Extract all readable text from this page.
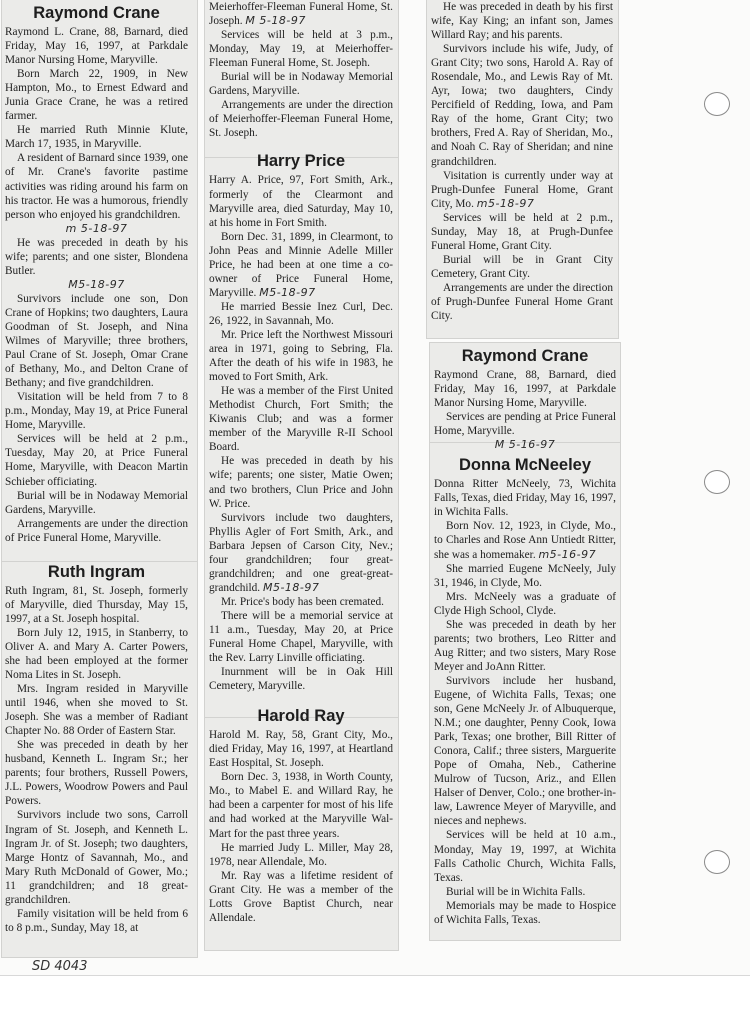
Raymond Crane

Raymond L. Crane, 88, Barnard, died Friday, May 16, 1997, at Parkdale Manor Nursing Home, Maryville.

Born March 22, 1909, in New Hampton, Mo., to Ernest Edward and Junia Grace Crane, he was a retired farmer.

He married Ruth Minnie Klute, March 17, 1935, in Maryville.

A resident of Barnard since 1939, one of Mr. Crane's favorite pastime activities was riding around his farm on his tractor. He was a humorous, friendly person who enjoyed his grandchildren.

m 5-18-97

He was preceded in death by his wife; parents; and one sister, Blondena Butler.

M5-18-97

Survivors include one son, Don Crane of Hopkins; two daughters, Laura Goodman of St. Joseph, and Nina Wilmes of Maryville; three brothers, Paul Crane of St. Joseph, Omar Crane of Bethany, Mo., and Delton Crane of Bethany; and five grandchildren.

Visitation will be held from 7 to 8 p.m., Monday, May 19, at Price Funeral Home, Maryville.

Services will be held at 2 p.m., Tuesday, May 20, at Price Funeral Home, Maryville, with Deacon Martin Schieber officiating.

Burial will be in Nodaway Memorial Gardens, Maryville.

Arrangements are under the direction of Price Funeral Home, Maryville.

Ruth Ingram

Ruth Ingram, 81, St. Joseph, formerly of Maryville, died Thursday, May 15, 1997, at a St. Joseph hospital.

Born July 12, 1915, in Stanberry, to Oliver A. and Mary A. Carter Powers, she had been employed at the former Noma Lites in St. Joseph.

Mrs. Ingram resided in Maryville until 1946, when she moved to St. Joseph. She was a member of Radiant Chapter No. 88 Order of Eastern Star.

She was preceded in death by her husband, Kenneth L. Ingram Sr.; her parents; four brothers, Russell Powers, J.L. Powers, Woodrow Powers and Paul Powers.

Survivors include two sons, Carroll Ingram of St. Joseph, and Kenneth L. Ingram Jr. of St. Joseph; two daughters, Marge Hontz of Savannah, Mo., and Mary Ruth McDonald of Gower, Mo.; 11 grandchildren; and 18 great-grandchildren.

Family visitation will be held from 6 to 8 p.m., Sunday, May 18, at

Meierhoffer-Fleeman Funeral Home, St. Joseph. M 5-18-97

Services will be held at 3 p.m., Monday, May 19, at Meierhoffer-Fleeman Funeral Home, St. Joseph.

Burial will be in Nodaway Memorial Gardens, Maryville.

Arrangements are under the direction of Meierhoffer-Fleeman Funeral Home, St. Joseph.

Harry Price

Harry A. Price, 97, Fort Smith, Ark., formerly of the Clearmont and Maryville area, died Saturday, May 10, at his home in Fort Smith.

Born Dec. 31, 1899, in Clearmont, to John Peas and Minnie Adelle Miller Price, he had been at one time a co-owner of Price Funeral Home, Maryville. M5-18-97

He married Bessie Inez Curl, Dec. 26, 1922, in Savannah, Mo.

Mr. Price left the Northwest Missouri area in 1971, going to Sebring, Fla. After the death of his wife in 1983, he moved to Fort Smith, Ark.

He was a member of the First United Methodist Church, Fort Smith; the Kiwanis Club; and was a former member of the Maryville R-II School Board.

He was preceded in death by his wife; parents; one sister, Matie Owen; and two brothers, Clun Price and John W. Price.

Survivors include two daughters, Phyllis Agler of Fort Smith, Ark., and Barbara Jepsen of Carson City, Nev.; four grandchildren; four great-grandchildren; and one great-great-grandchild. M5-18-97

Mr. Price's body has been cremated.

There will be a memorial service at 11 a.m., Tuesday, May 20, at Price Funeral Home Chapel, Maryville, with the Rev. Larry Linville officiating.

Inurnment will be in Oak Hill Cemetery, Maryville.

Harold Ray

Harold M. Ray, 58, Grant City, Mo., died Friday, May 16, 1997, at Heartland East Hospital, St. Joseph.

Born Dec. 3, 1938, in Worth County, Mo., to Mabel E. and Willard Ray, he had been a carpenter for most of his life and had worked at the Maryville Wal-Mart for the past three years.

He married Judy L. Miller, May 28, 1978, near Allendale, Mo.

Mr. Ray was a lifetime resident of Grant City. He was a member of the Lotts Grove Baptist Church, near Allendale.

He was preceded in death by his first wife, Kay King; an infant son, James Willard Ray; and his parents.

Survivors include his wife, Judy, of Grant City; two sons, Harold A. Ray of Rosendale, Mo., and Lewis Ray of Mt. Ayr, Iowa; two daughters, Cindy Percifield of Redding, Iowa, and Pam Ray of the home, Grant City; two brothers, Fred A. Ray of Sheridan, Mo., and Noah C. Ray of Sheridan; and nine grandchildren.

Visitation is currently under way at Prugh-Dunfee Funeral Home, Grant City, Mo. m5-18-97

Services will be held at 2 p.m., Sunday, May 18, at Prugh-Dunfee Funeral Home, Grant City.

Burial will be in Grant City Cemetery, Grant City.

Arrangements are under the direction of Prugh-Dunfee Funeral Home Grant City.

Raymond Crane

Raymond Crane, 88, Barnard, died Friday, May 16, 1997, at Parkdale Manor Nursing Home, Maryville.

Services are pending at Price Funeral Home, Maryville.

M 5-16-97
Donna McNeeley

Donna Ritter McNeely, 73, Wichita Falls, Texas, died Friday, May 16, 1997, in Wichita Falls.

Born Nov. 12, 1923, in Clyde, Mo., to Charles and Rose Ann Untiedt Ritter, she was a homemaker. m5-16-97

She married Eugene McNeely, July 31, 1946, in Clyde, Mo.

Mrs. McNeely was a graduate of Clyde High School, Clyde.

She was preceded in death by her parents; two brothers, Leo Ritter and Aug Ritter; and two sisters, Mary Rose Meyer and JoAnn Ritter.

Survivors include her husband, Eugene, of Wichita Falls, Texas; one son, Gene McNeely Jr. of Albuquerque, N.M.; one daughter, Penny Cook, Iowa Park, Texas; one brother, Bill Ritter of Conora, Calif.; three sisters, Marguerite Pope of Omaha, Neb., Catherine Mulrow of Tucson, Ariz., and Ellen Halser of Denver, Colo.; one brother-in-law, Lawrence Meyer of Maryville, and nieces and nephews.

Services will be held at 10 a.m., Monday, May 19, 1997, at Wichita Falls Catholic Church, Wichita Falls, Texas.

Burial will be in Wichita Falls.

Memorials may be made to Hospice of Wichita Falls, Texas.

SD 4043
